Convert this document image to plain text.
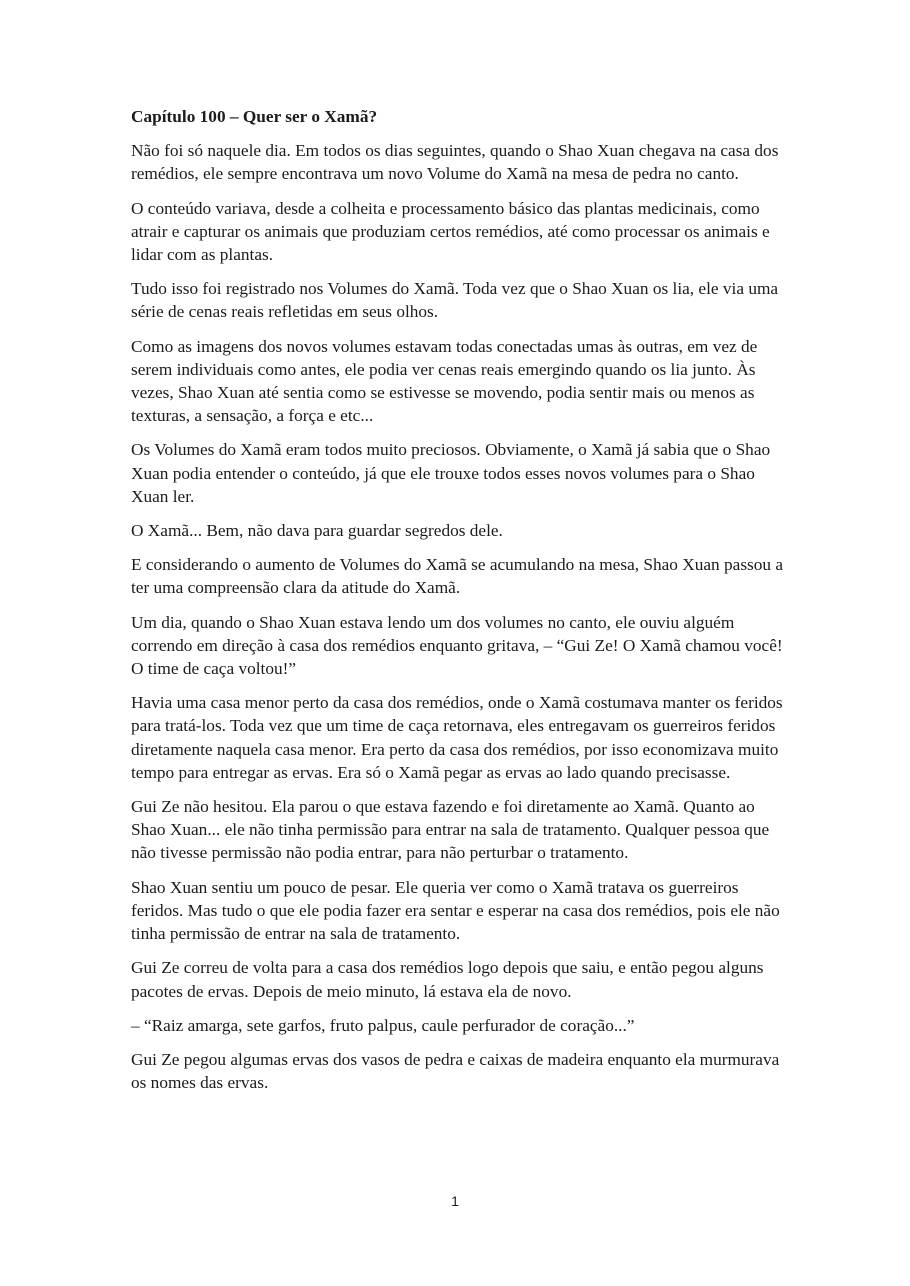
Capítulo 100 – Quer ser o Xamã?

Não foi só naquele dia. Em todos os dias seguintes, quando o Shao Xuan chegava na casa dos remédios, ele sempre encontrava um novo Volume do Xamã na mesa de pedra no canto.

O conteúdo variava, desde a colheita e processamento básico das plantas medicinais, como atrair e capturar os animais que produziam certos remédios, até como processar os animais e lidar com as plantas.

Tudo isso foi registrado nos Volumes do Xamã. Toda vez que o Shao Xuan os lia, ele via uma série de cenas reais refletidas em seus olhos.

Como as imagens dos novos volumes estavam todas conectadas umas às outras, em vez de serem individuais como antes, ele podia ver cenas reais emergindo quando os lia junto. Às vezes, Shao Xuan até sentia como se estivesse se movendo, podia sentir mais ou menos as texturas, a sensação, a força e etc...

Os Volumes do Xamã eram todos muito preciosos. Obviamente, o Xamã já sabia que o Shao Xuan podia entender o conteúdo, já que ele trouxe todos esses novos volumes para o Shao Xuan ler.

O Xamã... Bem, não dava para guardar segredos dele.

E considerando o aumento de Volumes do Xamã se acumulando na mesa, Shao Xuan passou a ter uma compreensão clara da atitude do Xamã.

Um dia, quando o Shao Xuan estava lendo um dos volumes no canto, ele ouviu alguém correndo em direção à casa dos remédios enquanto gritava, – “Gui Ze! O Xamã chamou você! O time de caça voltou!”

Havia uma casa menor perto da casa dos remédios, onde o Xamã costumava manter os feridos para tratá-los. Toda vez que um time de caça retornava, eles entregavam os guerreiros feridos diretamente naquela casa menor. Era perto da casa dos remédios, por isso economizava muito tempo para entregar as ervas. Era só o Xamã pegar as ervas ao lado quando precisasse.

Gui Ze não hesitou. Ela parou o que estava fazendo e foi diretamente ao Xamã. Quanto ao Shao Xuan... ele não tinha permissão para entrar na sala de tratamento. Qualquer pessoa que não tivesse permissão não podia entrar, para não perturbar o tratamento.

Shao Xuan sentiu um pouco de pesar. Ele queria ver como o Xamã tratava os guerreiros feridos. Mas tudo o que ele podia fazer era sentar e esperar na casa dos remédios, pois ele não tinha permissão de entrar na sala de tratamento.

Gui Ze correu de volta para a casa dos remédios logo depois que saiu, e então pegou alguns pacotes de ervas. Depois de meio minuto, lá estava ela de novo.

– “Raiz amarga, sete garfos, fruto palpus, caule perfurador de coração...”

Gui Ze pegou algumas ervas dos vasos de pedra e caixas de madeira enquanto ela murmurava os nomes das ervas.

1
